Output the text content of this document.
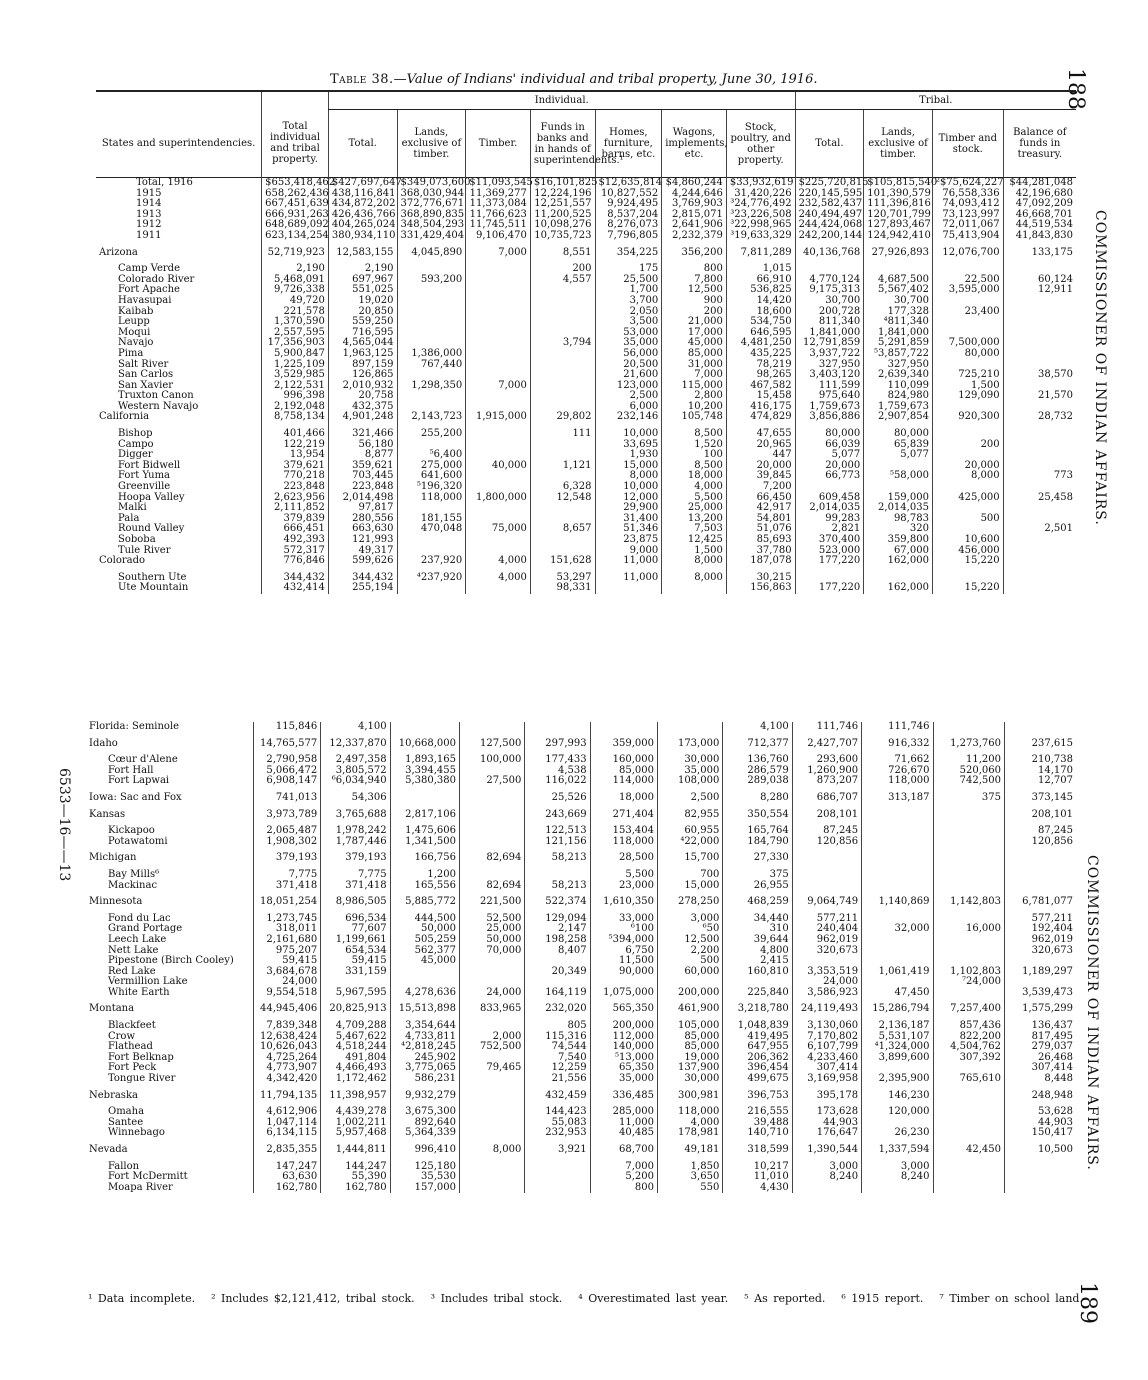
Table 38.—Value of Indians' individual and tribal property, June 30, 1916.	188
189
COMMISSIONER OF INDIAN AFFAIRS.
COMMISSIONER OF INDIAN AFFAIRS.
6533—16——13
		Individual.							Tribal.			
States and superintendencies.	Total individual and tribal property.	Total.	Lands, exclusive of timber.	Timber.	Funds in banks and in hands of superintendents.¹	Homes, furniture, barns, etc.	Wagons, implements, etc.	Stock, poultry, and other property.	Total.	Lands, exclusive of timber.	Timber and stock.	Balance of funds in treasury.
Total, 1916	$653,418,462	$427,697,647	$349,073,600	$11,093,545	$16,101,825	$12,635,814	$4,860,244	$33,932,619	$225,720,815	$105,815,540	²$75,624,227	$44,281,048
1915	658,262,436	438,116,841	368,030,944	11,369,277	12,224,196	10,827,552	4,244,646	31,420,226	220,145,595	101,390,579	76,558,336	42,196,680
1914	667,451,639	434,872,202	372,776,671	11,373,084	12,251,557	9,924,495	3,769,903	³24,776,492	232,582,437	111,396,816	74,093,412	47,092,209
1913	666,931,263	426,436,766	368,890,835	11,766,623	11,200,525	8,537,204	2,815,071	³23,226,508	240,494,497	120,701,799	73,123,997	46,668,701
1912	648,689,092	404,265,024	348,504,293	11,745,511	10,098,276	8,276,073	2,641,906	³22,998,965	244,424,068	127,893,467	72,011,067	44,519,534
1911	623,134,254	380,934,110	331,429,404	9,106,470	10,735,723	7,796,805	2,232,379	³19,633,329	242,200,144	124,942,410	75,413,904	41,843,830

Arizona	52,719,923	12,583,155	4,045,890	7,000	8,551	354,225	356,200	7,811,289	40,136,768	27,926,893	12,076,700	133,175

Camp Verde	2,190	2,190			200	175	800	1,015				
Colorado River	5,468,091	697,967	593,200		4,557	25,500	7,800	66,910	4,770,124	4,687,500	22,500	60,124
Fort Apache	9,726,338	551,025				1,700	12,500	536,825	9,175,313	5,567,402	3,595,000	12,911
Havasupai	49,720	19,020				3,700	900	14,420	30,700	30,700		
Kaibab	221,578	20,850				2,050	200	18,600	200,728	177,328	23,400	
Leupp	1,370,590	559,250				3,500	21,000	534,750	811,340	⁴811,340		
Moqui	2,557,595	716,595				53,000	17,000	646,595	1,841,000	1,841,000		
Navajo	17,356,903	4,565,044			3,794	35,000	45,000	4,481,250	12,791,859	5,291,859	7,500,000	
Pima	5,900,847	1,963,125	1,386,000			56,000	85,000	435,225	3,937,722	⁵3,857,722	80,000	
Salt River	1,225,109	897,159	767,440			20,500	31,000	78,219	327,950	327,950		
San Carlos	3,529,985	126,865				21,600	7,000	98,265	3,403,120	2,639,340	725,210	38,570
San Xavier	2,122,531	2,010,932	1,298,350	7,000		123,000	115,000	467,582	111,599	110,099	1,500	
Truxton Canon	996,398	20,758				2,500	2,800	15,458	975,640	824,980	129,090	21,570
Western Navajo	2,192,048	432,375				6,000	10,200	416,175	1,759,673	1,759,673		
California	8,758,134	4,901,248	2,143,723	1,915,000	29,802	232,146	105,748	474,829	3,856,886	2,907,854	920,300	28,732

Bishop	401,466	321,466	255,200		111	10,000	8,500	47,655	80,000	80,000		
Campo	122,219	56,180				33,695	1,520	20,965	66,039	65,839	200	
Digger	13,954	8,877	⁵6,400			1,930	100	447	5,077	5,077		
Fort Bidwell	379,621	359,621	275,000	40,000	1,121	15,000	8,500	20,000	20,000		20,000	
Fort Yuma	770,218	703,445	641,600			8,000	18,000	39,845	66,773	⁵58,000	8,000	773
Greenville	223,848	223,848	⁵196,320		6,328	10,000	4,000	7,200				
Hoopa Valley	2,623,956	2,014,498	118,000	1,800,000	12,548	12,000	5,500	66,450	609,458	159,000	425,000	25,458
Malki	2,111,852	97,817				29,900	25,000	42,917	2,014,035	2,014,035		
Pala	379,839	280,556	181,155			31,400	13,200	54,801	99,283	98,783	500	
Round Valley	666,451	663,630	470,048	75,000	8,657	51,346	7,503	51,076	2,821	320		2,501
Soboba	492,393	121,993				23,875	12,425	85,693	370,400	359,800	10,600	
Tule River	572,317	49,317				9,000	1,500	37,780	523,000	67,000	456,000	
Colorado	776,846	599,626	237,920	4,000	151,628	11,000	8,000	187,078	177,220	162,000	15,220	

Southern Ute	344,432	344,432	⁴237,920	4,000	53,297	11,000	8,000	30,215				
Ute Mountain	432,414	255,194			98,331			156,863	177,220	162,000	15,220	
Florida: Seminole	115,846	4,100						4,100	111,746	111,746		

Idaho	14,765,577	12,337,870	10,668,000	127,500	297,993	359,000	173,000	712,377	2,427,707	916,332	1,273,760	237,615

Cœur d'Alene	2,790,958	2,497,358	1,893,165	100,000	177,433	160,000	30,000	136,760	293,600	71,662	11,200	210,738
Fort Hall	5,066,472	3,805,572	3,394,455		4,538	85,000	35,000	286,579	1,260,900	726,670	520,060	14,170
Fort Lapwai	6,908,147	⁶6,034,940	5,380,380	27,500	116,022	114,000	108,000	289,038	873,207	118,000	742,500	12,707

Iowa: Sac and Fox	741,013	54,306			25,526	18,000	2,500	8,280	686,707	313,187	375	373,145

Kansas	3,973,789	3,765,688	2,817,106		243,669	271,404	82,955	350,554	208,101			208,101

Kickapoo	2,065,487	1,978,242	1,475,606		122,513	153,404	60,955	165,764	87,245			87,245
Potawatomi	1,908,302	1,787,446	1,341,500		121,156	118,000	⁴22,000	184,790	120,856			120,856

Michigan	379,193	379,193	166,756	82,694	58,213	28,500	15,700	27,330				

Bay Mills⁶	7,775	7,775	1,200			5,500	700	375				
Mackinac	371,418	371,418	165,556	82,694	58,213	23,000	15,000	26,955				

Minnesota	18,051,254	8,986,505	5,885,772	221,500	522,374	1,610,350	278,250	468,259	9,064,749	1,140,869	1,142,803	6,781,077

Fond du Lac	1,273,745	696,534	444,500	52,500	129,094	33,000	3,000	34,440	577,211			577,211
Grand Portage	318,011	77,607	50,000	25,000	2,147	⁶100	⁶50	310	240,404	32,000	16,000	192,404
Leech Lake	2,161,680	1,199,661	505,259	50,000	198,258	⁵394,000	12,500	39,644	962,019			962,019
Nett Lake	975,207	654,534	562,377	70,000	8,407	6,750	2,200	4,800	320,673			320,673
Pipestone (Birch Cooley)	59,415	59,415	45,000			11,500	500	2,415				
Red Lake	3,684,678	331,159			20,349	90,000	60,000	160,810	3,353,519	1,061,419	1,102,803	1,189,297
Vermillion Lake	24,000								24,000		⁷24,000	
White Earth	9,554,518	5,967,595	4,278,636	24,000	164,119	1,075,000	200,000	225,840	3,586,923	47,450		3,539,473

Montana	44,945,406	20,825,913	15,513,898	833,965	232,020	565,350	461,900	3,218,780	24,119,493	15,286,794	7,257,400	1,575,299

Blackfeet	7,839,348	4,709,288	3,354,644		805	200,000	105,000	1,048,839	3,130,060	2,136,187	857,436	136,437
Crow	12,638,424	5,467,622	4,733,811	2,000	115,316	112,000	85,000	419,495	7,170,802	5,531,107	822,200	817,495
Flathead	10,626,043	4,518,244	⁴2,818,245	752,500	74,544	140,000	85,000	647,955	6,107,799	⁴1,324,000	4,504,762	279,037
Fort Belknap	4,725,264	491,804	245,902		7,540	⁵13,000	19,000	206,362	4,233,460	3,899,600	307,392	26,468
Fort Peck	4,773,907	4,466,493	3,775,065	79,465	12,259	65,350	137,900	396,454	307,414			307,414
Tongue River	4,342,420	1,172,462	586,231		21,556	35,000	30,000	499,675	3,169,958	2,395,900	765,610	8,448

Nebraska	11,794,135	11,398,957	9,932,279		432,459	336,485	300,981	396,753	395,178	146,230		248,948

Omaha	4,612,906	4,439,278	3,675,300		144,423	285,000	118,000	216,555	173,628	120,000		53,628
Santee	1,047,114	1,002,211	892,640		55,083	11,000	4,000	39,488	44,903			44,903
Winnebago	6,134,115	5,957,468	5,364,339		232,953	40,485	178,981	140,710	176,647	26,230		150,417

Nevada	2,835,355	1,444,811	996,410	8,000	3,921	68,700	49,181	318,599	1,390,544	1,337,594	42,450	10,500

Fallon	147,247	144,247	125,180			7,000	1,850	10,217	3,000	3,000		
Fort McDermitt	63,630	55,390	35,530			5,200	3,650	11,010	8,240	8,240		
Moapa River	162,780	162,780	157,000			800	550	4,430				
¹ Data incomplete. ² Includes $2,121,412, tribal stock. ³ Includes tribal stock. ⁴ Overestimated last year. ⁵ As reported. ⁶ 1915 report. ⁷ Timber on school land.
